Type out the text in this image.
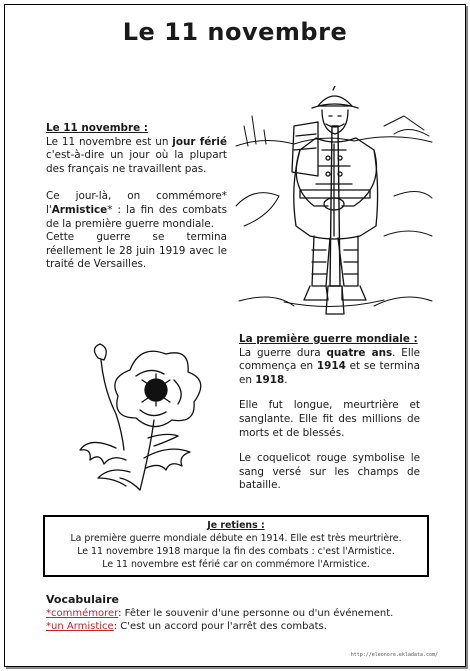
Le 11 novembre

Le 11 novembre :

Le 11 novembre est un jour férié c'est-à-dire un jour où la plupart des français ne travaillent pas.

Ce jour-là, on commémore* l'Armistice* : la fin des combats de la première guerre mondiale.

Cette guerre se termina réellement le 28 juin 1919 avec le traité de Versailles.

La première guerre mondiale :

La guerre dura quatre ans. Elle commença en 1914 et se termina en 1918.

Elle fut longue, meurtrière et sanglante. Elle fit des millions de morts et de blessés.

Le coquelicot rouge symbolise le sang versé sur les champs de bataille.

Je retiens :

La première guerre mondiale débute en 1914. Elle est très meurtrière.

Le 11 novembre 1918 marque la fin des combats : c'est l'Armistice.

Le 11 novembre est férié car on commémore l'Armistice.

Vocabulaire

*commémorer: Fêter le souvenir d'une personne ou d'un événement.

*un Armistice: C'est un accord pour l'arrêt des combats.

http://eleonore.ekladata.com/
